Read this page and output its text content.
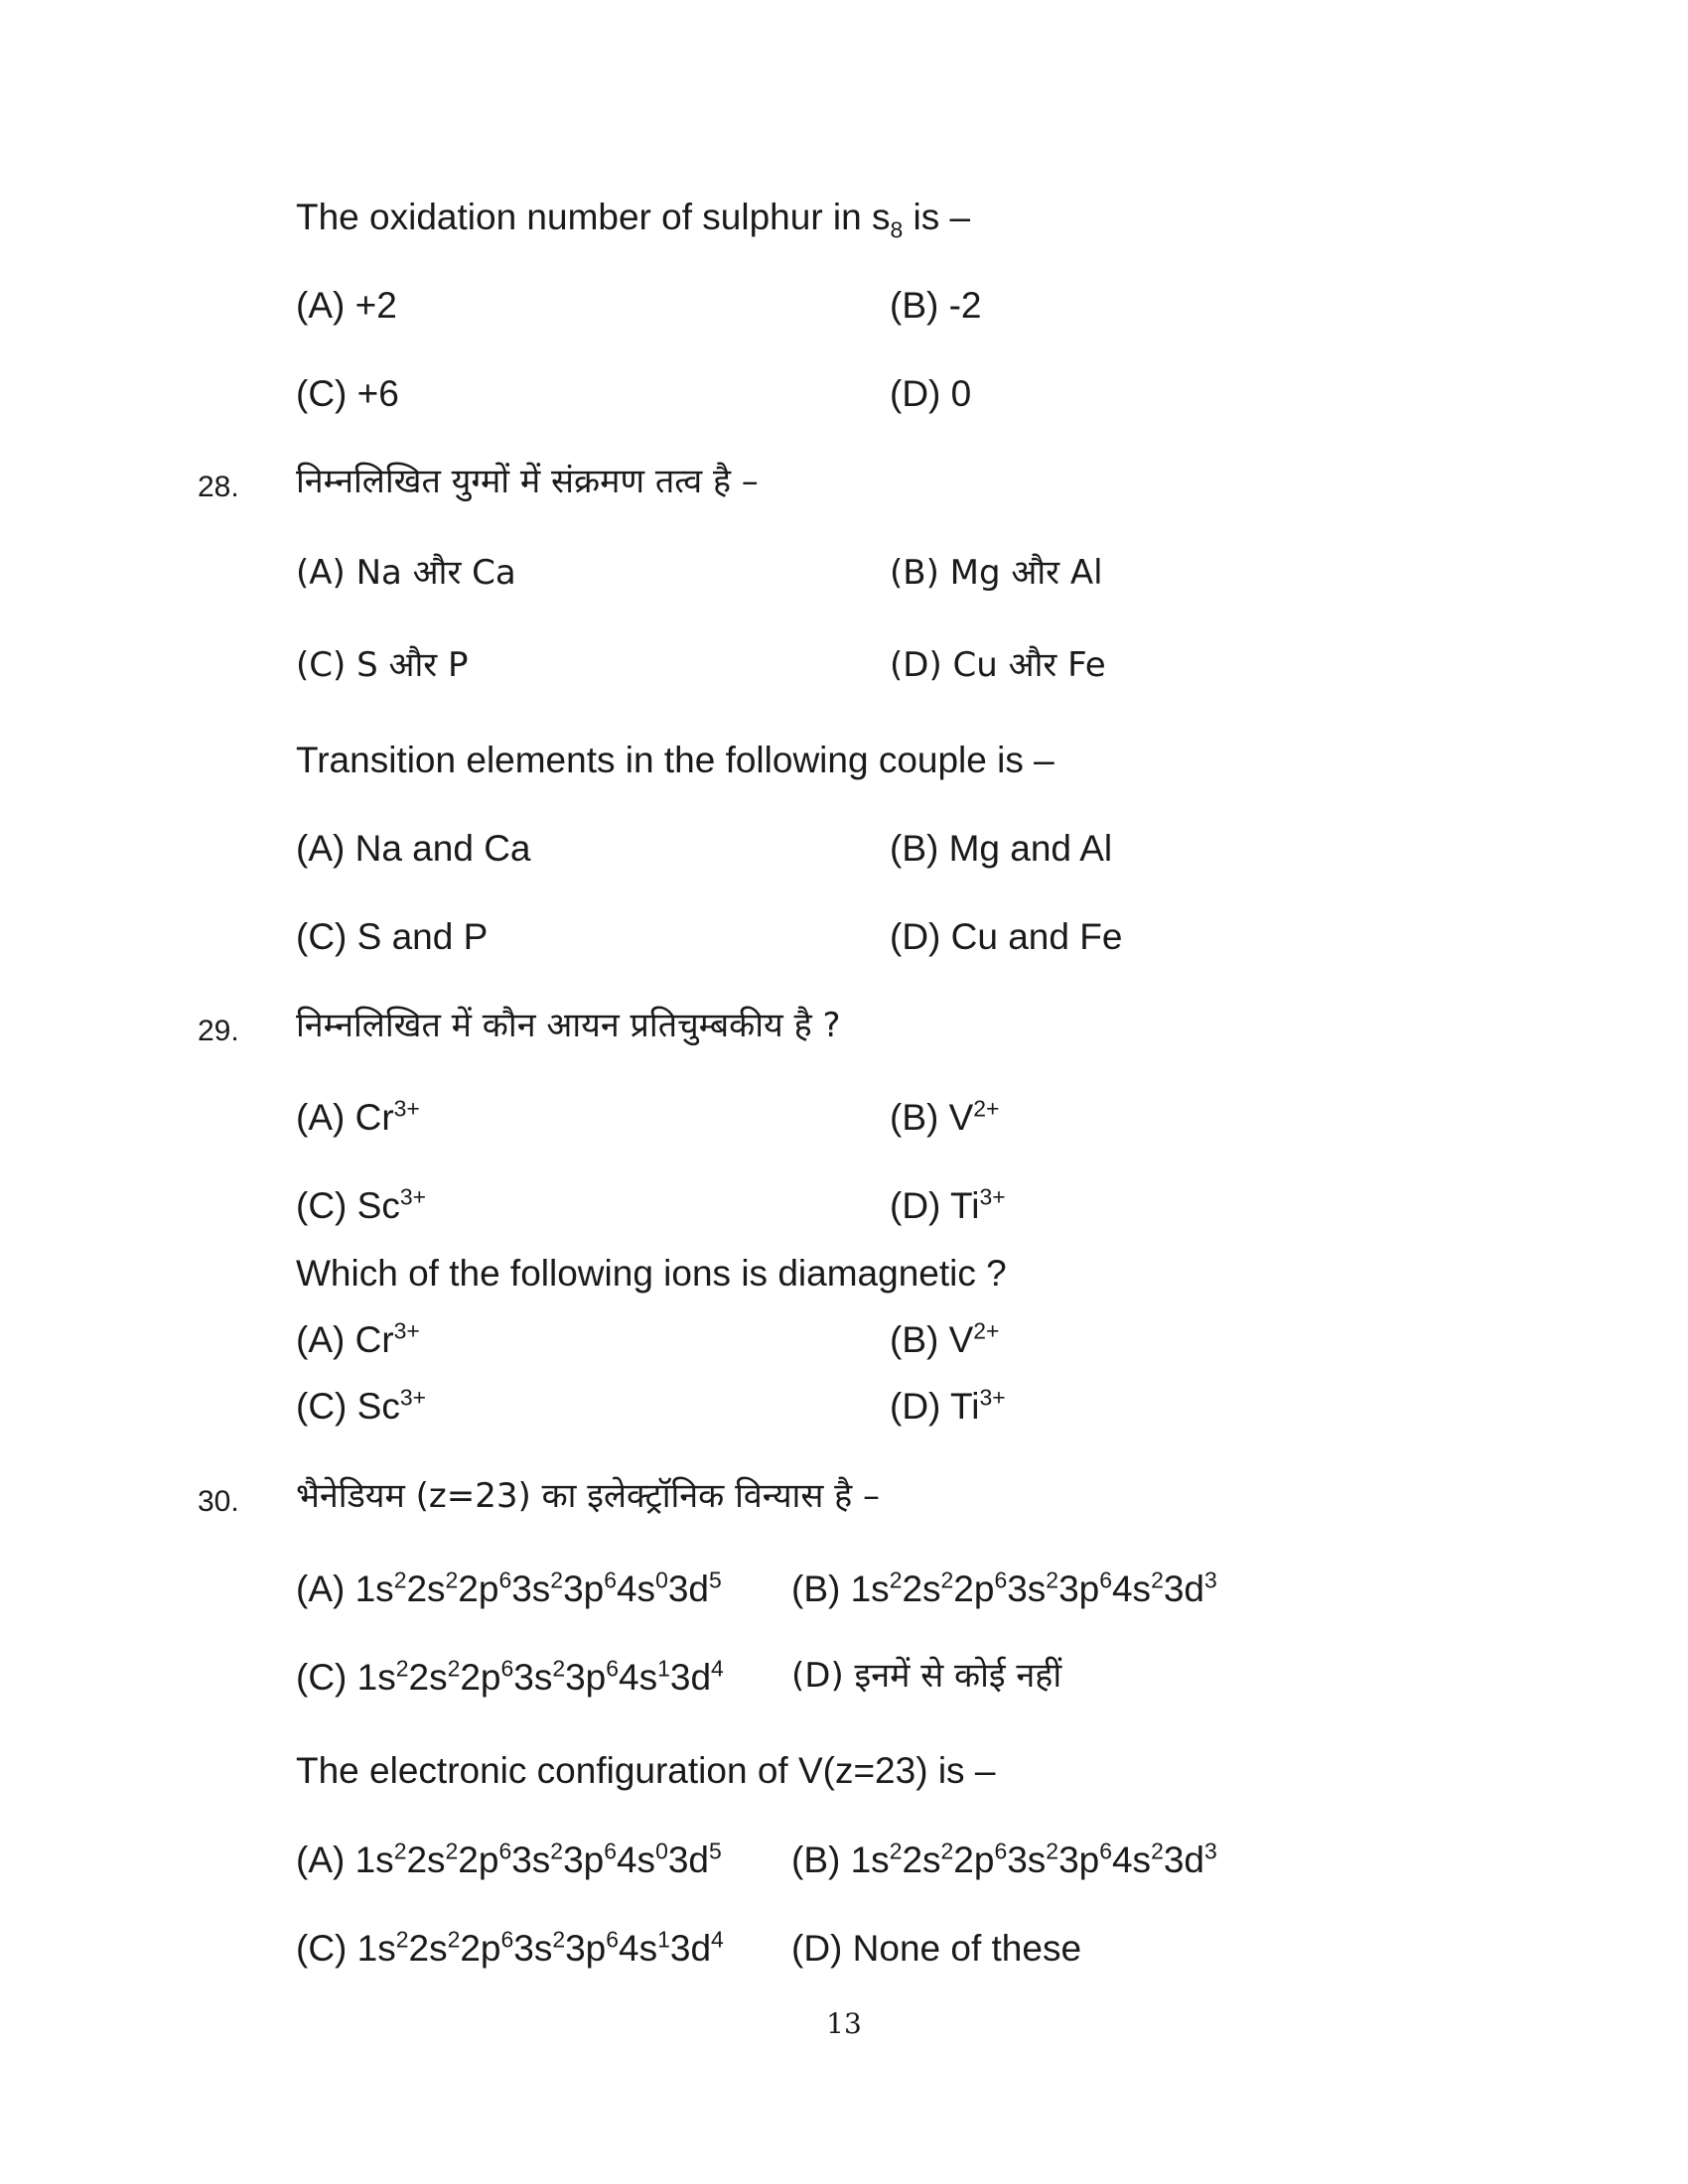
The oxidation number of sulphur in $s_8$ is –
(A) +2	(B) -2
(C) +6	(D) 0
28. निम्नलिखित युग्मों में संक्रमण तत्व है –
(A) Na और Ca	(B) Mg और Al
(C) S और P	(D) Cu और Fe
Transition elements in the following couple is –
(A) Na and Ca	(B) Mg and Al
(C) S and P	(D) Cu and Fe
29. निम्नलिखित में कौन आयन प्रतिचुम्बकीय है ?
(A) $Cr^{3+}$	(B) $V^{2+}$
(C) $Sc^{3+}$	(D) $Ti^{3+}$
Which of the following ions is diamagnetic ?
(A) $Cr^{3+}$	(B) $V^{2+}$
(C) $Sc^{3+}$	(D) $Ti^{3+}$
30. भैनेडियम (z=23) का इलेक्ट्रॉनिक विन्यास है –
(A) $1s^22s^22p^63s^23p^64s^03d^5$ (B) $1s^22s^22p^63s^23p^64s^23d^3$
(C) $1s^22s^22p^63s^23p^64s^13d^4$ (D) इनमें से कोई नहीं
The electronic configuration of V(z=23) is –
(A) $1s^22s^22p^63s^23p^64s^03d^5$ (B) $1s^22s^22p^63s^23p^64s^23d^3$
(C) $1s^22s^22p^63s^23p^64s^13d^4$ (D) None of these
13
